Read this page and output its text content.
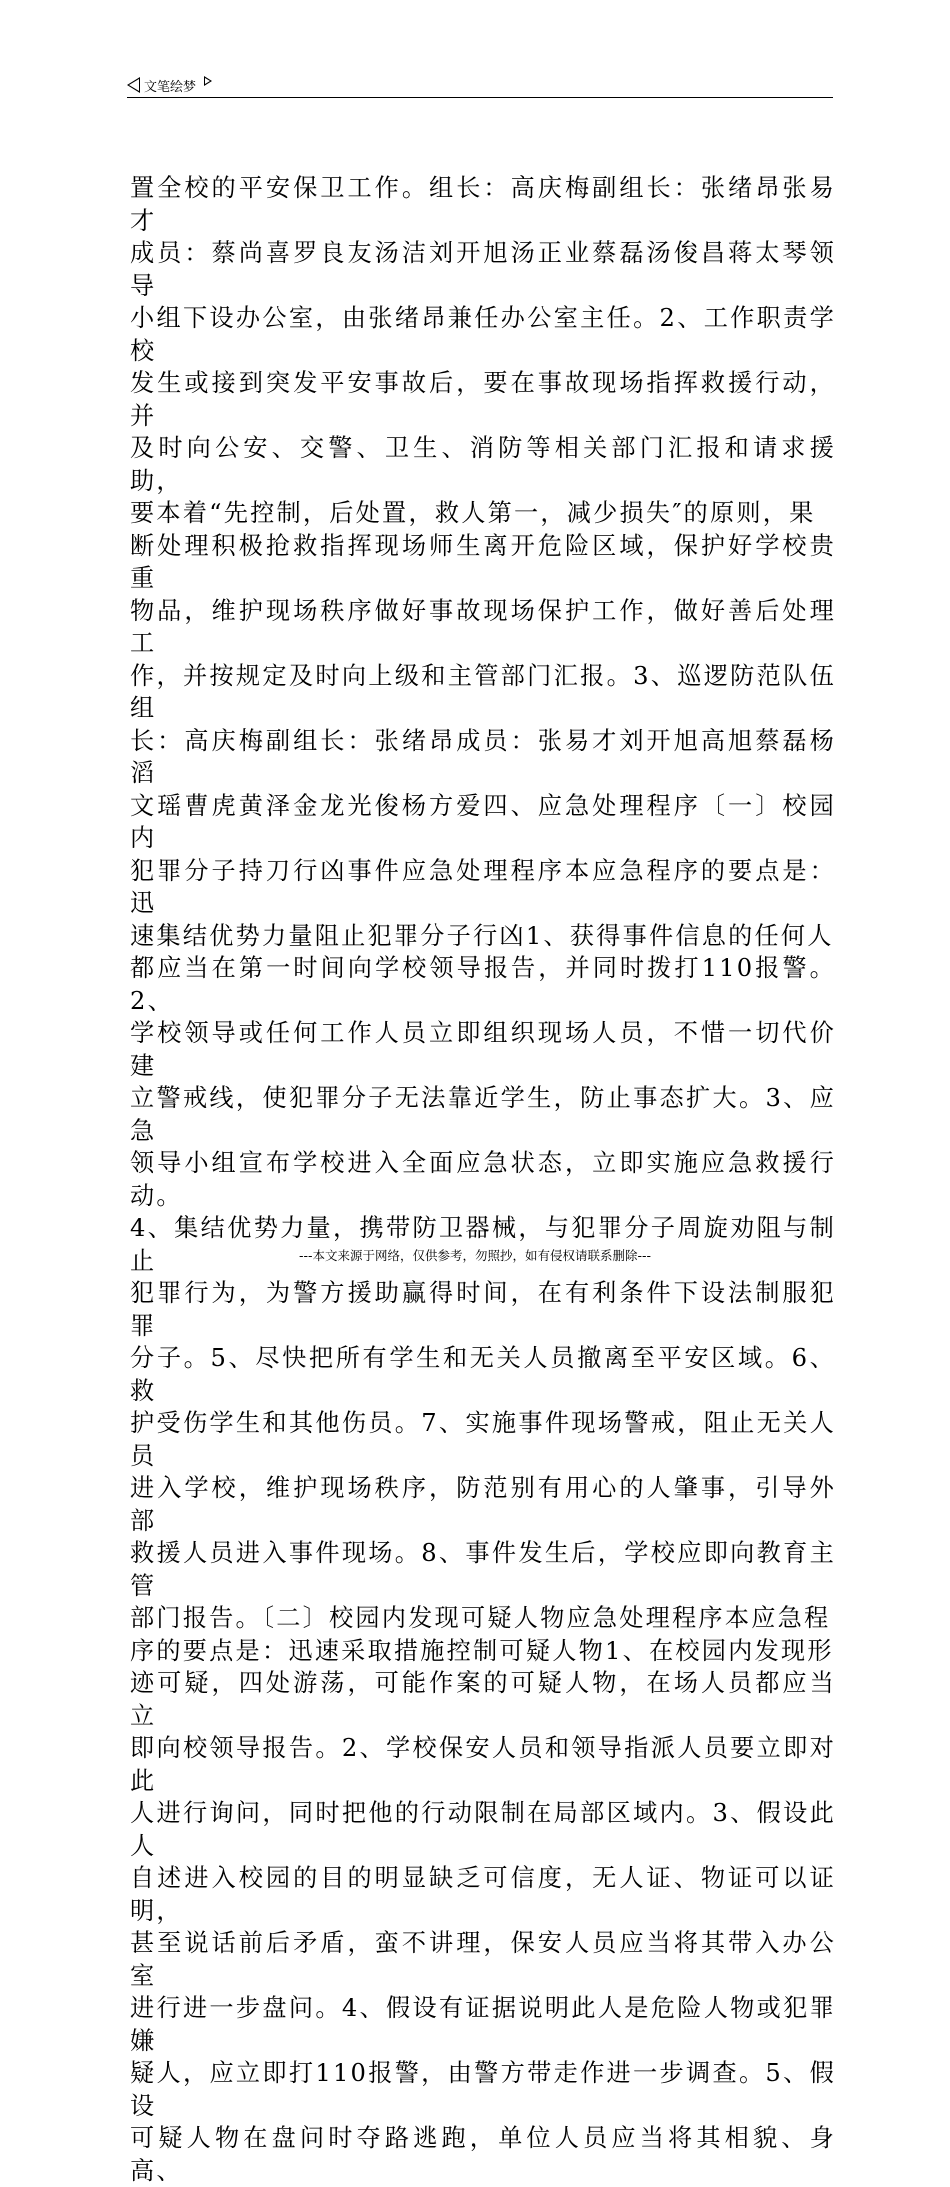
文笔绘梦

置全校的平安保卫工作。组长：高庆梅副组长：张绪昂张易才
成员：蔡尚喜罗良友汤洁刘开旭汤正业蔡磊汤俊昌蒋太琴领导
小组下设办公室，由张绪昂兼任办公室主任。2、工作职责学校
发生或接到突发平安事故后，要在事故现场指挥救援行动，并
及时向公安、交警、卫生、消防等相关部门汇报和请求援助，
要本着“先控制，后处置，救人第一，减少损失″的原则，果
断处理积极抢救指挥现场师生离开危险区域，保护好学校贵重
物品，维护现场秩序做好事故现场保护工作，做好善后处理工
作，并按规定及时向上级和主管部门汇报。3、巡逻防范队伍组
长：高庆梅副组长：张绪昂成员：张易才刘开旭高旭蔡磊杨滔
文瑶曹虎黄泽金龙光俊杨方爱四、应急处理程序〔一〕校园内
犯罪分子持刀行凶事件应急处理程序本应急程序的要点是：迅
速集结优势力量阻止犯罪分子行凶1、获得事件信息的任何人
都应当在第一时间向学校领导报告，并同时拨打110报警。2、
学校领导或任何工作人员立即组织现场人员，不惜一切代价建
立警戒线，使犯罪分子无法靠近学生，防止事态扩大。3、应急
领导小组宣布学校进入全面应急状态，立即实施应急救援行动。
4、集结优势力量，携带防卫器械，与犯罪分子周旋劝阻与制止
犯罪行为，为警方援助赢得时间，在有利条件下设法制服犯罪
分子。5、尽快把所有学生和无关人员撤离至平安区域。6、救
护受伤学生和其他伤员。7、实施事件现场警戒，阻止无关人员
进入学校，维护现场秩序，防范别有用心的人肇事，引导外部
救援人员进入事件现场。8、事件发生后，学校应即向教育主管
部门报告。〔二〕校园内发现可疑人物应急处理程序本应急程
序的要点是：迅速采取措施控制可疑人物1、在校园内发现形
迹可疑，四处游荡，可能作案的可疑人物，在场人员都应当立
即向校领导报告。2、学校保安人员和领导指派人员要立即对此
人进行询问，同时把他的行动限制在局部区域内。3、假设此人
自述进入校园的目的明显缺乏可信度，无人证、物证可以证明，
甚至说话前后矛盾，蛮不讲理，保安人员应当将其带入办公室
进行进一步盘问。4、假设有证据说明此人是危险人物或犯罪嫌
疑人，应立即打110报警，由警方带走作进一步调查。5、假设
可疑人物在盘问时夺路逃跑，单位人员应当将其相貌、身高、

---本文来源于网络，仅供参考，勿照抄，如有侵权请联系删除---
